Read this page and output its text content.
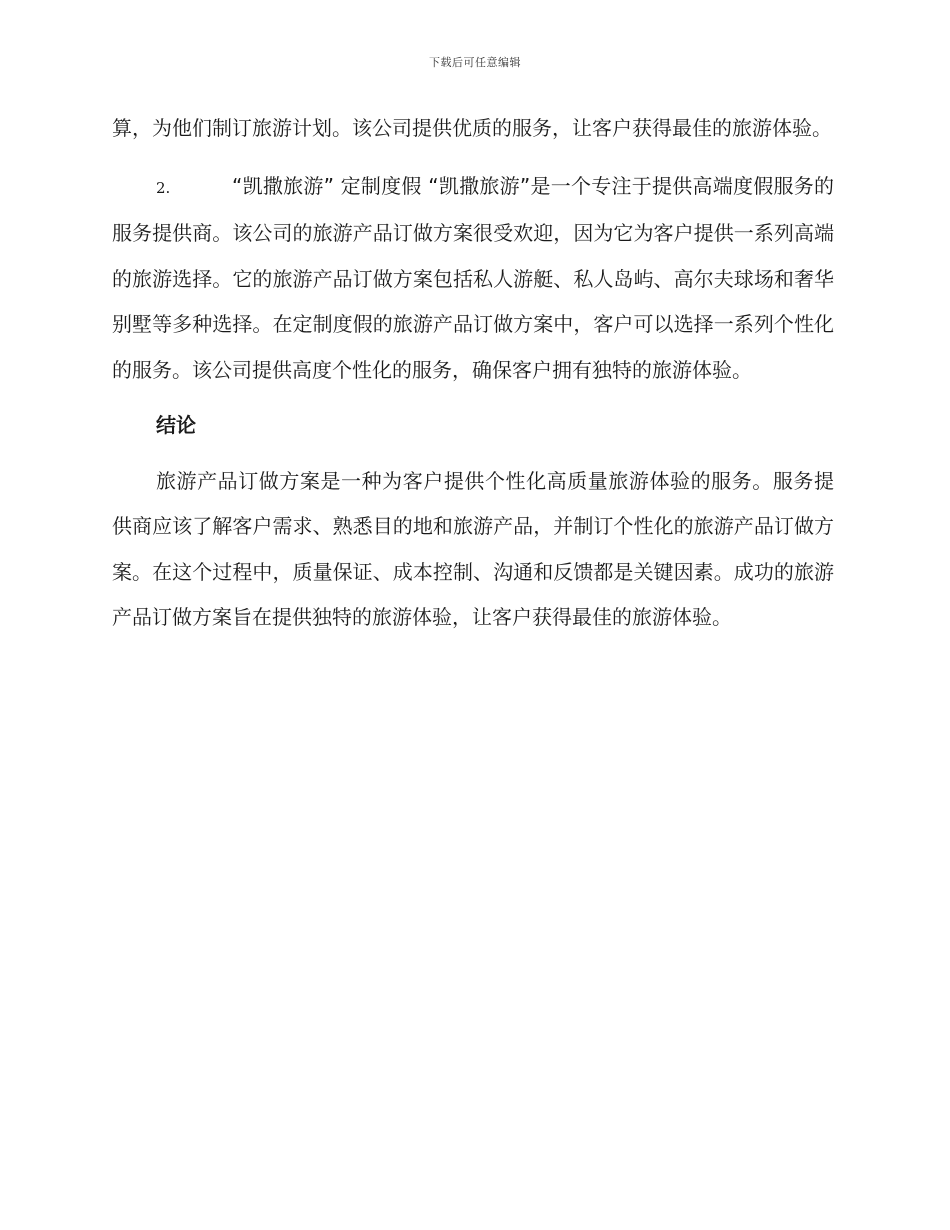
下载后可任意编辑

算，为他们制订旅游计划。该公司提供优质的服务，让客户获得最佳的旅游体验。

2.	“凯撒旅游” 定制度假 “凯撒旅游”是一个专注于提供高端度假服务的服务提供商。该公司的旅游产品订做方案很受欢迎，因为它为客户提供一系列高端的旅游选择。它的旅游产品订做方案包括私人游艇、私人岛屿、高尔夫球场和奢华别墅等多种选择。在定制度假的旅游产品订做方案中，客户可以选择一系列个性化的服务。该公司提供高度个性化的服务，确保客户拥有独特的旅游体验。

结论

旅游产品订做方案是一种为客户提供个性化高质量旅游体验的服务。服务提供商应该了解客户需求、熟悉目的地和旅游产品，并制订个性化的旅游产品订做方案。在这个过程中，质量保证、成本控制、沟通和反馈都是关键因素。成功的旅游产品订做方案旨在提供独特的旅游体验，让客户获得最佳的旅游体验。
